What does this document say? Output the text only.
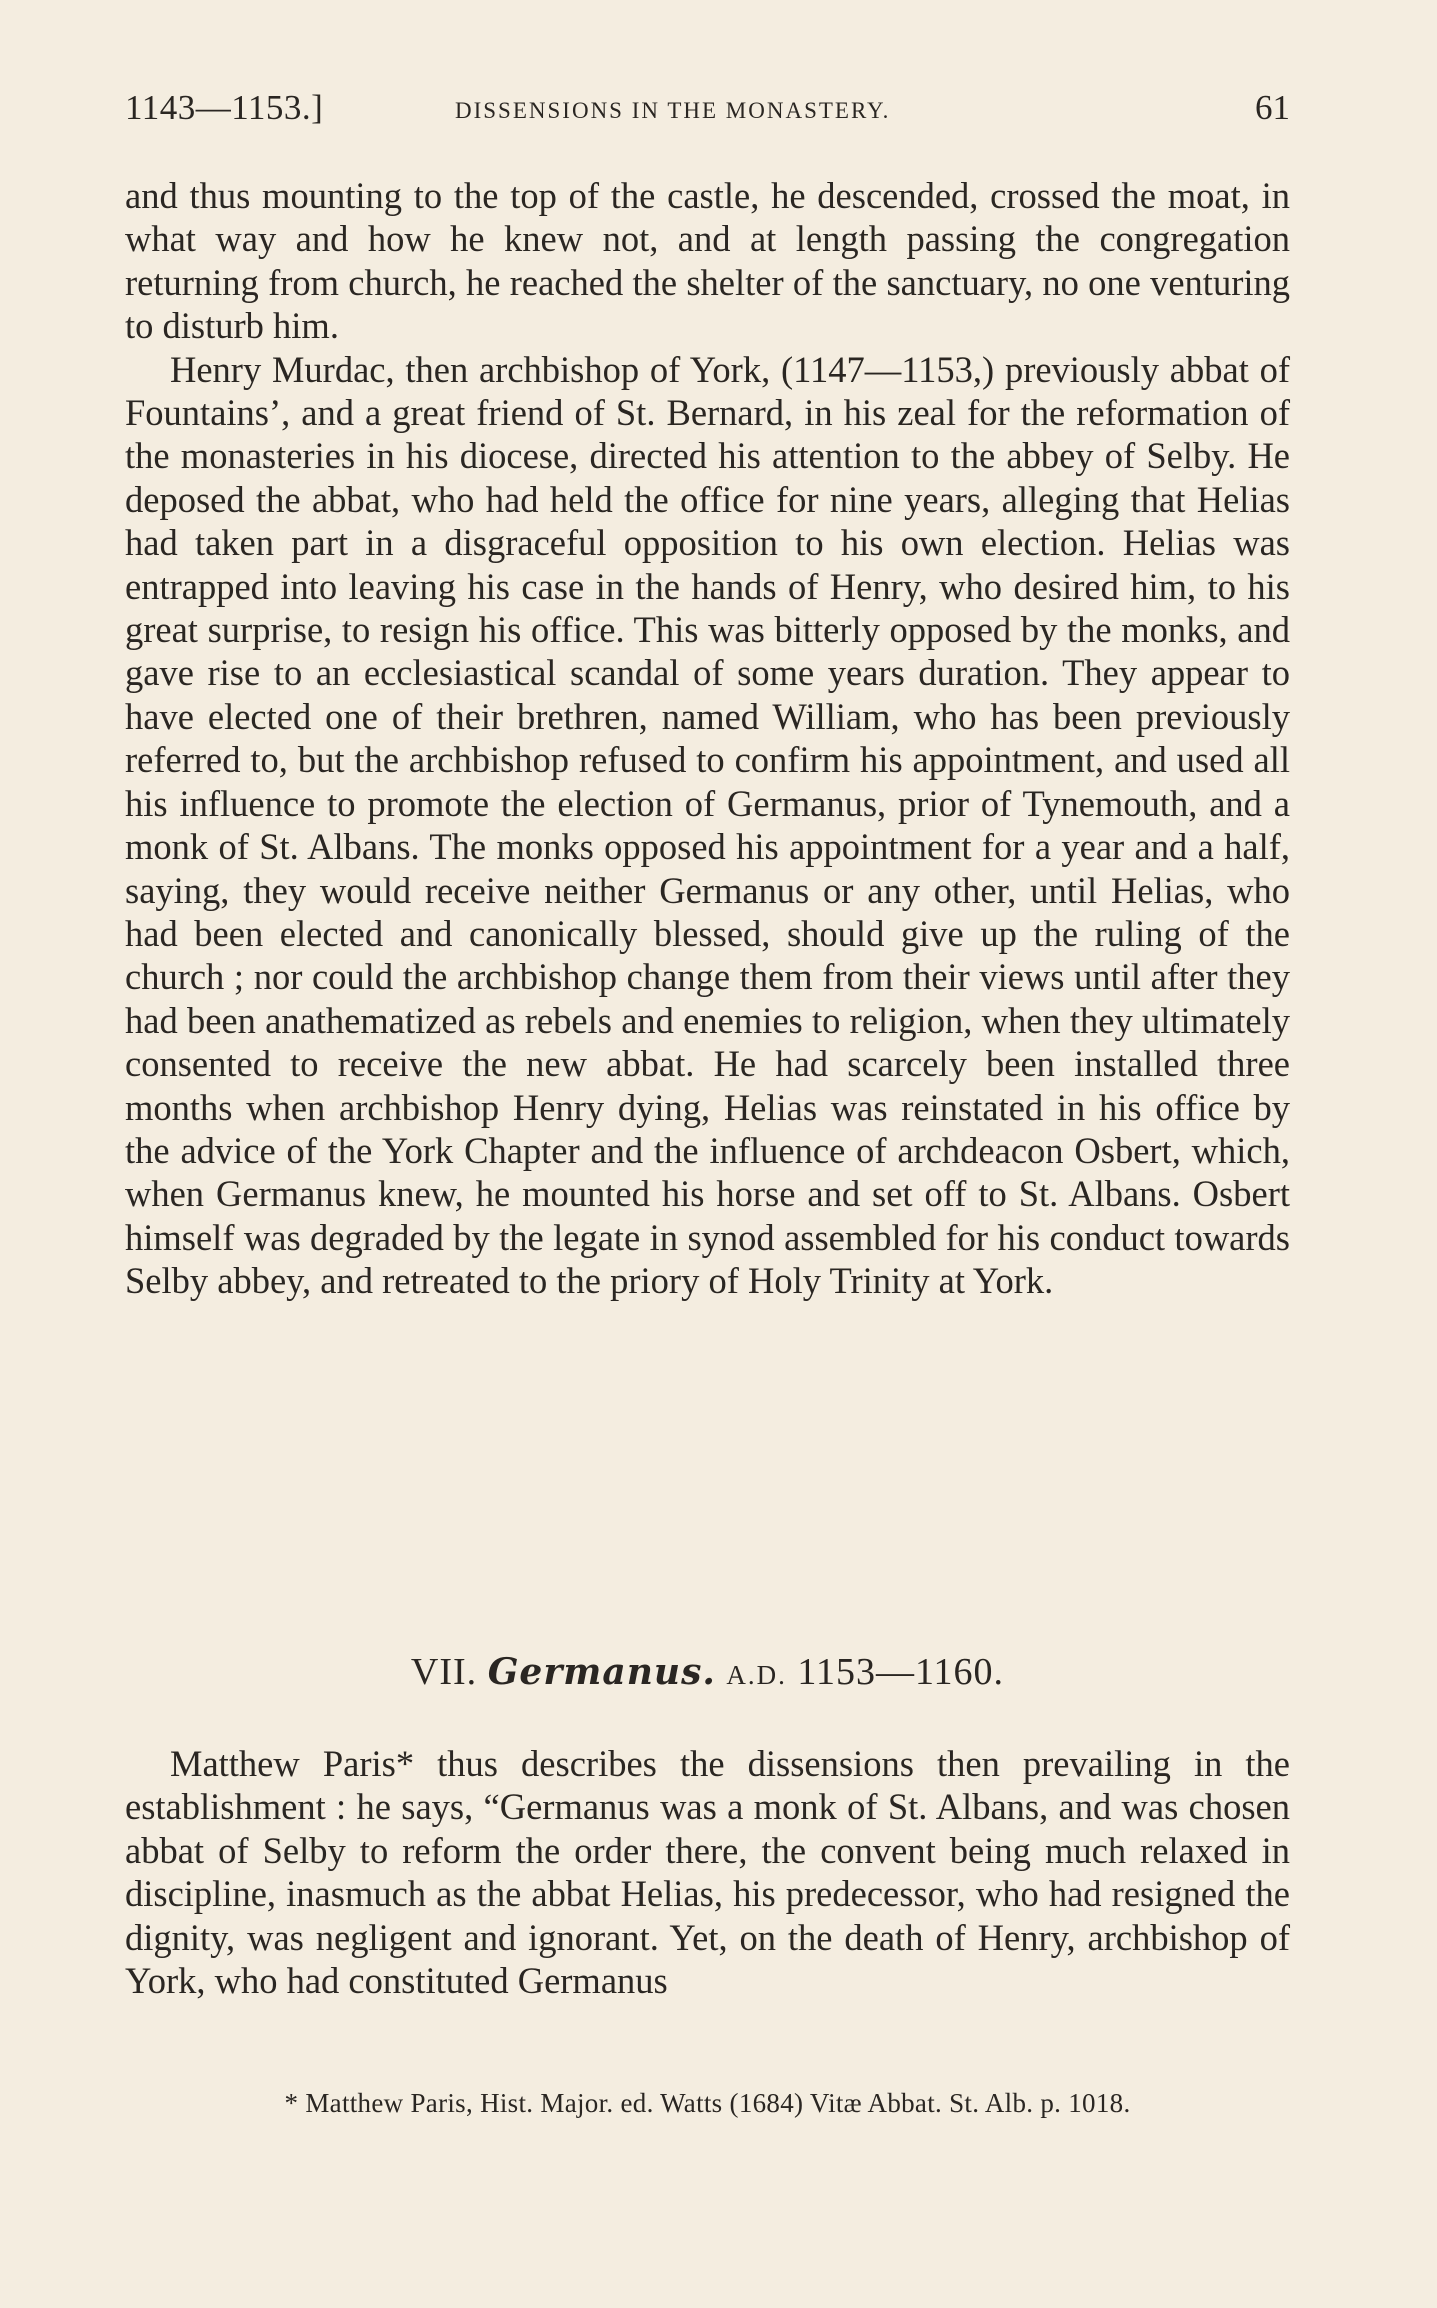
1143—1153.]	DISSENSIONS IN THE MONASTERY.	61

and thus mounting to the top of the castle, he descended, crossed the moat, in what way and how he knew not, and at length passing the congregation returning from church, he reached the shelter of the sanctuary, no one venturing to disturb him.

Henry Murdac, then archbishop of York, (1147—1153,) previously abbat of Fountains’, and a great friend of St. Bernard, in his zeal for the reformation of the monasteries in his diocese, directed his attention to the abbey of Selby. He deposed the abbat, who had held the office for nine years, alleging that Helias had taken part in a disgraceful opposition to his own election. Helias was entrapped into leaving his case in the hands of Henry, who desired him, to his great surprise, to resign his office. This was bitterly opposed by the monks, and gave rise to an ecclesiastical scandal of some years duration. They appear to have elected one of their brethren, named William, who has been previously referred to, but the archbishop refused to confirm his appointment, and used all his influence to promote the election of Germanus, prior of Tynemouth, and a monk of St. Albans. The monks opposed his appointment for a year and a half, saying, they would receive neither Germanus or any other, until Helias, who had been elected and canonically blessed, should give up the ruling of the church ; nor could the archbishop change them from their views until after they had been anathematized as rebels and enemies to religion, when they ultimately consented to receive the new abbat. He had scarcely been installed three months when archbishop Henry dying, Helias was reinstated in his office by the advice of the York Chapter and the influence of archdeacon Osbert, which, when Germanus knew, he mounted his horse and set off to St. Albans. Osbert himself was degraded by the legate in synod assembled for his conduct towards Selby abbey, and retreated to the priory of Holy Trinity at York.

VII. Germanus. A.D. 1153—1160.

Matthew Paris* thus describes the dissensions then prevailing in the establishment : he says, “Germanus was a monk of St. Albans, and was chosen abbat of Selby to reform the order there, the convent being much relaxed in discipline, inasmuch as the abbat Helias, his predecessor, who had resigned the dignity, was negligent and ignorant. Yet, on the death of Henry, archbishop of York, who had constituted Germanus

* Matthew Paris, Hist. Major. ed. Watts (1684) Vitæ Abbat. St. Alb. p. 1018.
